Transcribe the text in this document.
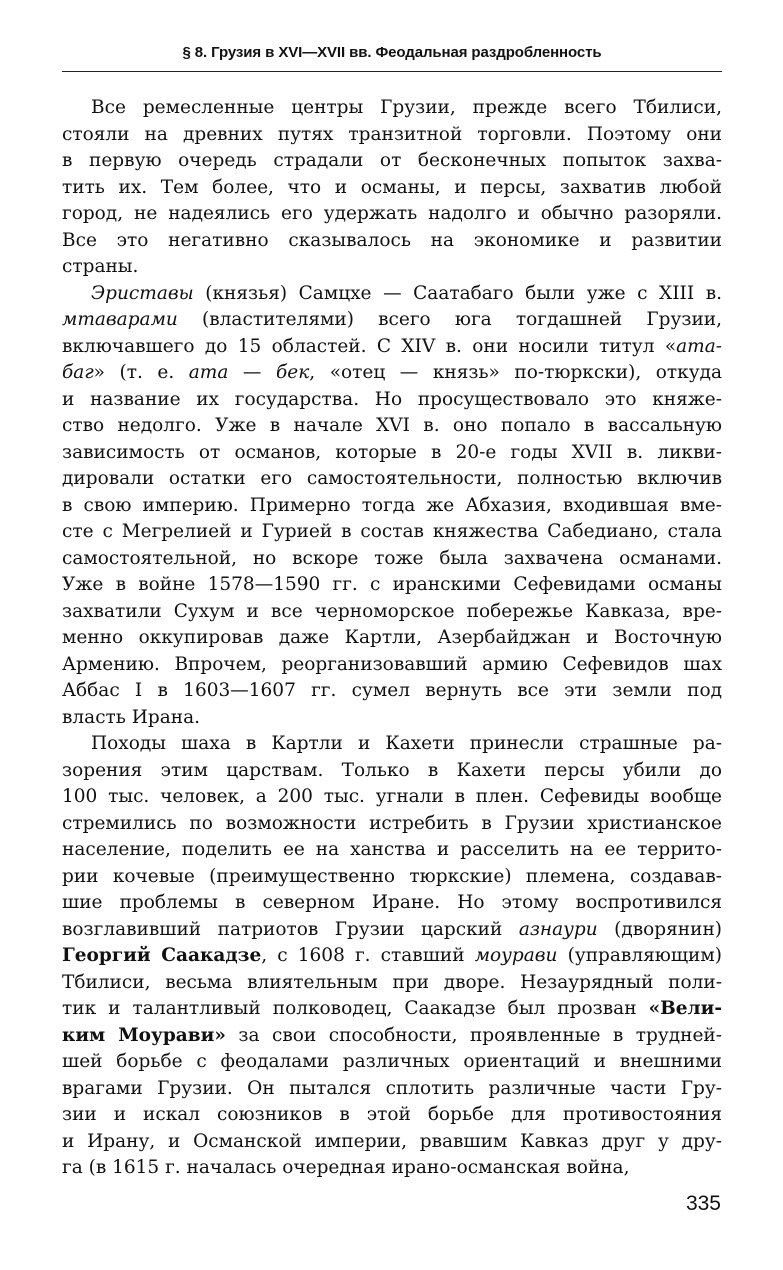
§ 8. Грузия в XVI—XVII вв. Феодальная раздробленность
Все ремесленные центры Грузии, прежде всего Тбилиси,
стояли на древних путях транзитной торговли. Поэтому они
в первую очередь страдали от бесконечных попыток захва-
тить их. Тем более, что и османы, и персы, захватив любой
город, не надеялись его удержать надолго и обычно разоряли.
Все это негативно сказывалось на экономике и развитии
страны.
Эриставы (князья) Самцхе — Саатабаго были уже с XIII в.
мтаварами (властителями) всего юга тогдашней Грузии,
включавшего до 15 областей. С XIV в. они носили титул «ата-
баг» (т. е. ата — бек, «отец — князь» по-тюркски), откуда
и название их государства. Но просуществовало это княже-
ство недолго. Уже в начале XVI в. оно попало в вассальную
зависимость от османов, которые в 20-е годы XVII в. ликви-
дировали остатки его самостоятельности, полностью включив
в свою империю. Примерно тогда же Абхазия, входившая вме-
сте с Мегрелией и Гурией в состав княжества Сабедиано, стала
самостоятельной, но вскоре тоже была захвачена османами.
Уже в войне 1578—1590 гг. с иранскими Сефевидами османы
захватили Сухум и все черноморское побережье Кавказа, вре-
менно оккупировав даже Картли, Азербайджан и Восточную
Армению. Впрочем, реорганизовавший армию Сефевидов шах
Аббас I в 1603—1607 гг. сумел вернуть все эти земли под
власть Ирана.
Походы шаха в Картли и Кахети принесли страшные ра-
зорения этим царствам. Только в Кахети персы убили до
100 тыс. человек, а 200 тыс. угнали в плен. Сефевиды вообще
стремились по возможности истребить в Грузии христианское
население, поделить ее на ханства и расселить на ее террито-
рии кочевые (преимущественно тюркские) племена, создавав-
шие проблемы в северном Иране. Но этому воспротивился
возглавивший патриотов Грузии царский азнаури (дворянин)
Георгий Саакадзе, с 1608 г. ставший моурави (управляющим)
Тбилиси, весьма влиятельным при дворе. Незаурядный поли-
тик и талантливый полководец, Саакадзе был прозван «Вели-
ким Моурави» за свои способности, проявленные в трудней-
шей борьбе с феодалами различных ориентаций и внешними
врагами Грузии. Он пытался сплотить различные части Гру-
зии и искал союзников в этой борьбе для противостояния
и Ирану, и Османской империи, рвавшим Кавказ друг у дру-
га (в 1615 г. началась очередная ирано-османская война,
335
